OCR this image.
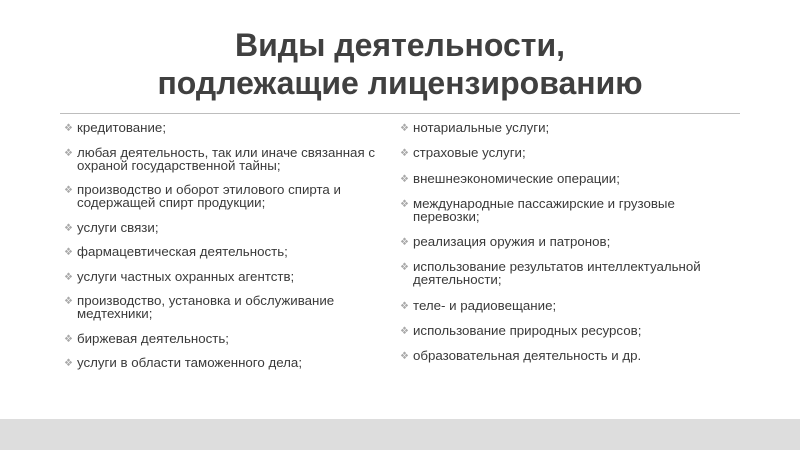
Виды деятельности,
подлежащие лицензированию
❖ кредитование;
❖ любая деятельность, так или иначе связанная с охраной государственной тайны;
❖ производство и оборот этилового спирта и содержащей спирт продукции;
❖ услуги связи;
❖ фармацевтическая деятельность;
❖ услуги частных охранных агентств;
❖ производство, установка и обслуживание медтехники;
❖ биржевая деятельность;
❖ услуги в области таможенного дела;
❖ нотариальные услуги;
❖ страховые услуги;
❖ внешнеэкономические операции;
❖ международные пассажирские и грузовые перевозки;
❖ реализация оружия и патронов;
❖ использование результатов интеллектуальной деятельности;
❖ теле- и радиовещание;
❖ использование природных ресурсов;
❖ образовательная деятельность и др.
